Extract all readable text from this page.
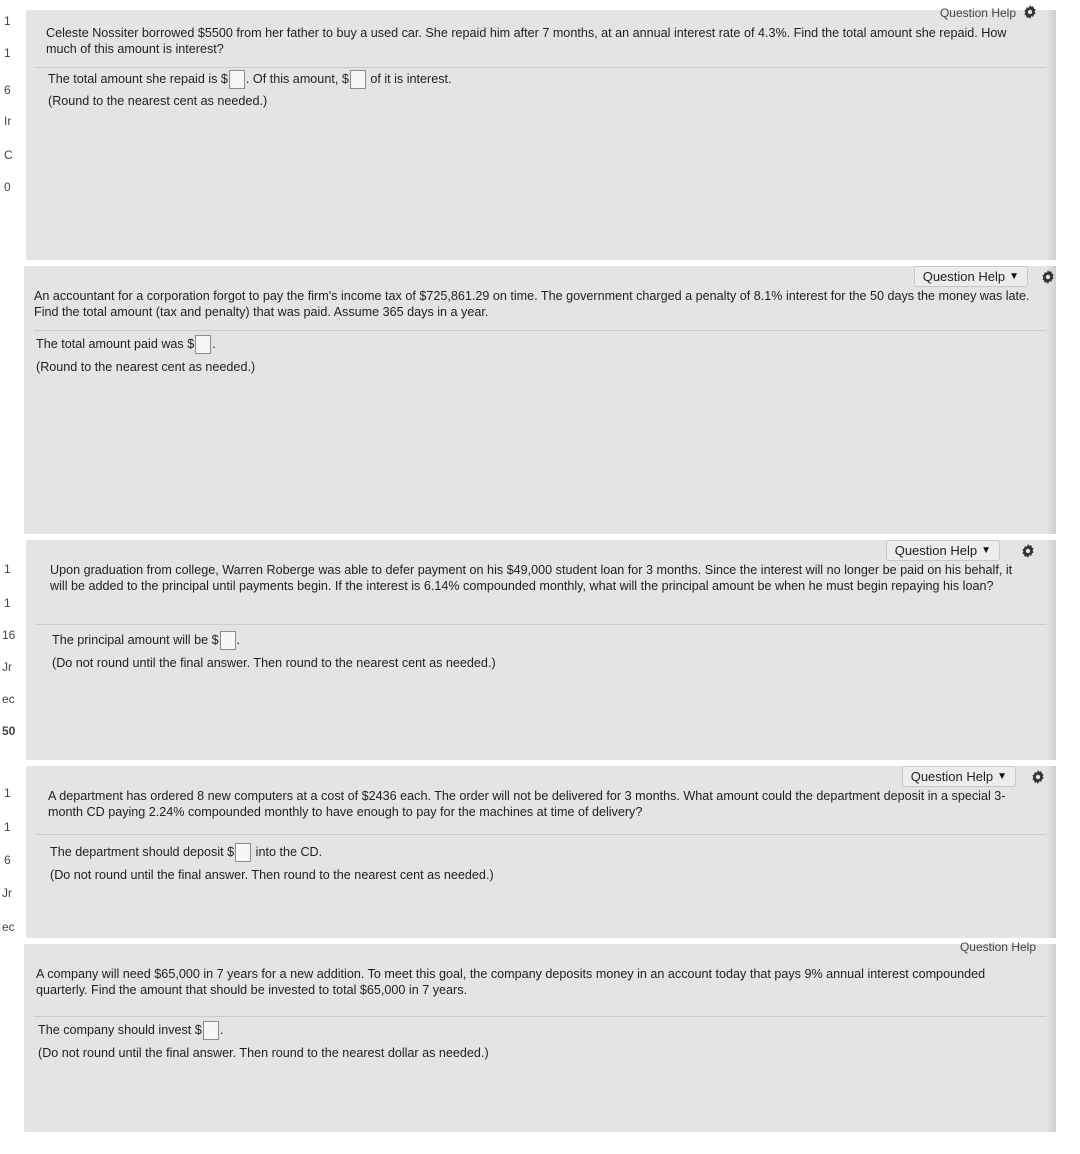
Question Help
Celeste Nossiter borrowed $5500 from her father to buy a used car. She repaid him after 7 months, at an annual interest rate of 4.3%. Find the total amount she repaid. How much of this amount is interest?
The total amount she repaid is $ . Of this amount, $ of it is interest.
(Round to the nearest cent as needed.)
Question Help ▼
An accountant for a corporation forgot to pay the firm's income tax of $725,861.29 on time. The government charged a penalty of 8.1% interest for the 50 days the money was late. Find the total amount (tax and penalty) that was paid. Assume 365 days in a year.
The total amount paid was $ .
(Round to the nearest cent as needed.)
Question Help ▼
Upon graduation from college, Warren Roberge was able to defer payment on his $49,000 student loan for 3 months. Since the interest will no longer be paid on his behalf, it will be added to the principal until payments begin. If the interest is 6.14% compounded monthly, what will the principal amount be when he must begin repaying his loan?
The principal amount will be $ .
(Do not round until the final answer. Then round to the nearest cent as needed.)
Question Help ▼
A department has ordered 8 new computers at a cost of $2436 each. The order will not be delivered for 3 months. What amount could the department deposit in a special 3-month CD paying 2.24% compounded monthly to have enough to pay for the machines at time of delivery?
The department should deposit $ into the CD.
(Do not round until the final answer. Then round to the nearest cent as needed.)
Question Help
A company will need $65,000 in 7 years for a new addition. To meet this goal, the company deposits money in an account today that pays 9% annual interest compounded quarterly. Find the amount that should be invested to total $65,000 in 7 years.
The company should invest $ .
(Do not round until the final answer. Then round to the nearest dollar as needed.)
1
1
6
Ir
C
0
1
1
16
Jr
ec
50
1
1
6
Jr
ec
